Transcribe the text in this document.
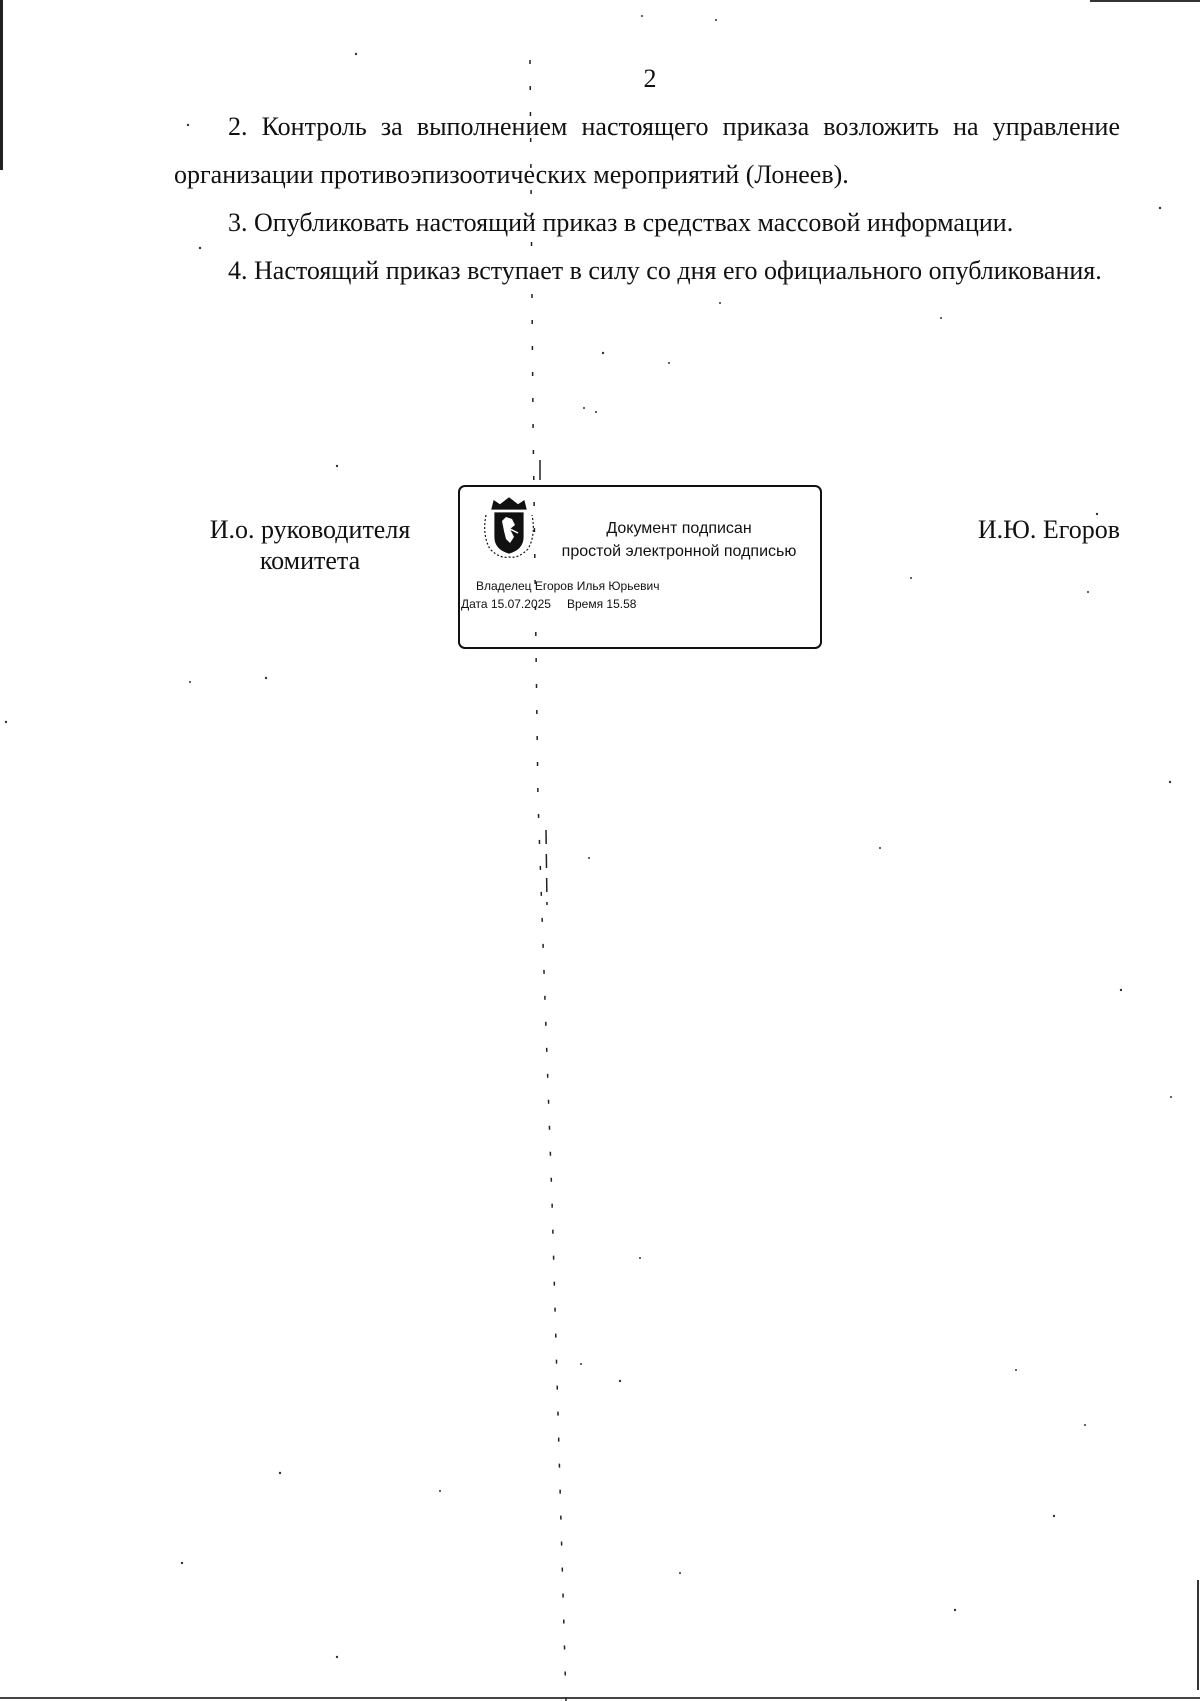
2

2. Контроль за выполнением настоящего приказа возложить на управление организации противоэпизоотических мероприятий (Лонеев).

3. Опубликовать настоящий приказ в средствах массовой информации.

4. Настоящий приказ вступает в силу со дня его официального опубликования.

И.о. руководителя
комитета
Документ подписан
простой электронной подписью
Владелец Егоров Илья Юрьевич
Дата 15.07.2025 Время 15.58
И.Ю. Егоров
